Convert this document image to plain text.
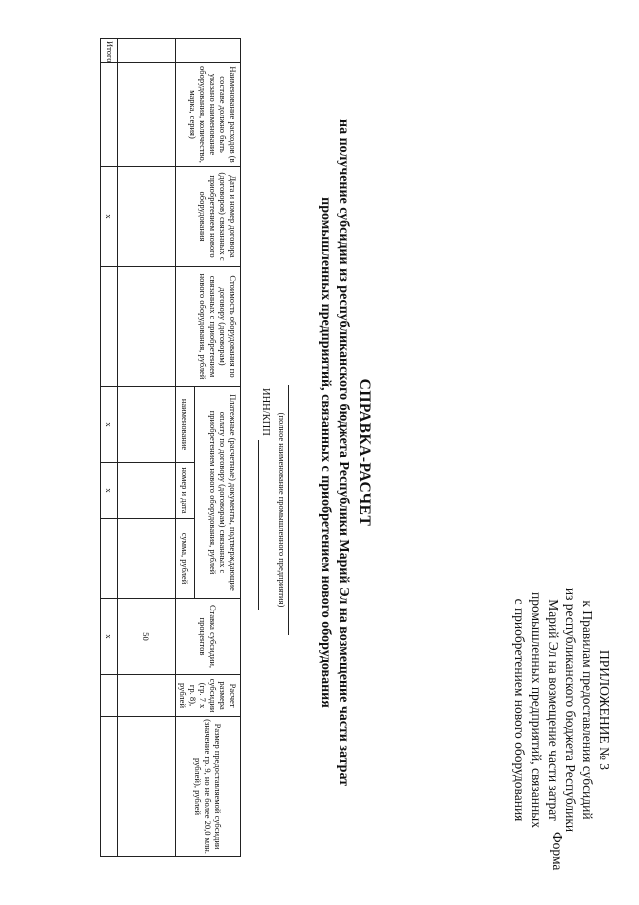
ПРИЛОЖЕНИЕ № 3
к Правилам предоставления субсидий
из республиканского бюджета Республики
Марий Эл на возмещение части затрат
промышленных предприятий, связанных
с приобретением нового оборудования
Форма
СПРАВКА-РАСЧЕТ
на получение субсидии из республиканского бюджета Республики Марий Эл на возмещение части затрат
промышленных предприятий, связанных с приобретением нового оборудования
(полное наименование промышленного предприятия)
ИНН/КПП
	Наименование расходов (в составе должно быть указано наименование оборудования, количество, марка, серия)	Дата и номер договора (договоров) связанных с приобретением нового оборудования	Стоимость оборудования по договору (договорам) связанных с приобретением нового оборудования, рублей	Платежные (расчетные) документы, подтверждающие оплату по договору (договорам) связанных с приобретением нового оборудования, рублей			Ставка субсидии, процентов	Расчет размера субсидии (гр. 7 х гр. 8), рублей	Размер предоставляемой субсидии (значение гр. 9, но не более 20,0 млн. рублей), рублей
				наименование	номер и дата	сумма, рублей			
							50		
Итого		х		х	х		х		
